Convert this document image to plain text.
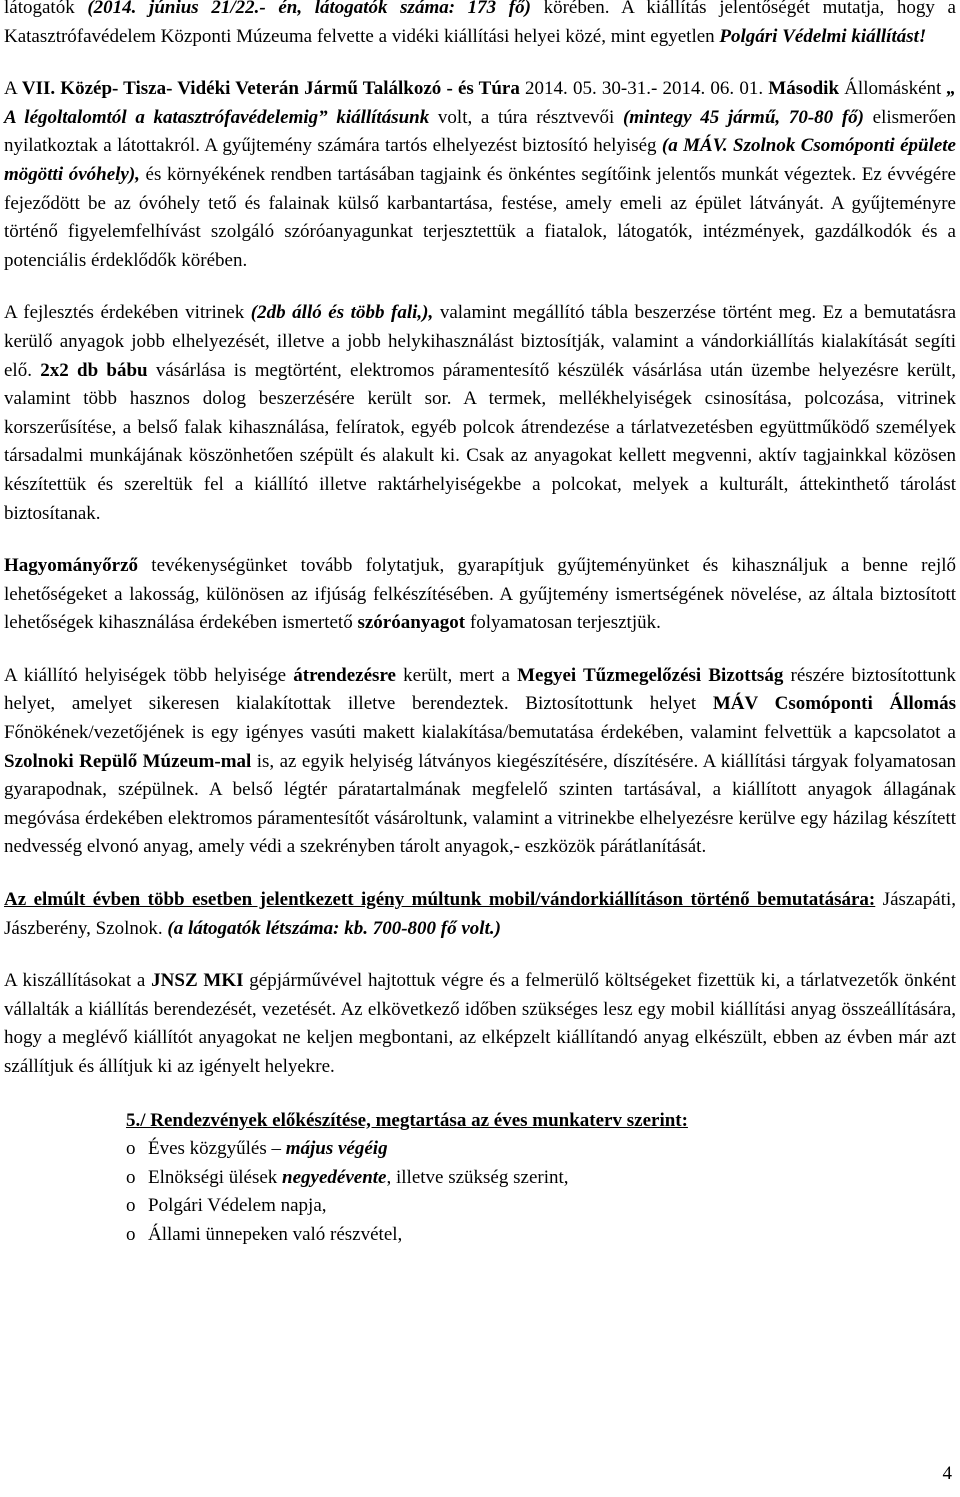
látogatók (2014. június 21/22.- én, látogatók száma: 173 fő) körében. A kiállítás jelentőségét mutatja, hogy a Katasztrófavédelem Központi Múzeuma felvette a vidéki kiállítási helyei közé, mint egyetlen Polgári Védelmi kiállítást!

A VII. Közép- Tisza- Vidéki Veterán Jármű Találkozó - és Túra 2014. 05. 30-31.- 2014. 06. 01. Második Állomásként „ A légoltalomtól a katasztrófavédelemig” kiállításunk volt, a túra résztvevői (mintegy 45 jármű, 70-80 fő) elismerően nyilatkoztak a látottakról. A gyűjtemény számára tartós elhelyezést biztosító helyiség (a MÁV. Szolnok Csomóponti épülete mögötti óvóhely), és környékének rendben tartásában tagjaink és önkéntes segítőink jelentős munkát végeztek. Ez évvégére fejeződött be az óvóhely tető és falainak külső karbantartása, festése, amely emeli az épület látványát. A gyűjteményre történő figyelemfelhívást szolgáló szóróanyagunkat terjesztettük a fiatalok, látogatók, intézmények, gazdálkodók és a potenciális érdeklődők körében.

A fejlesztés érdekében vitrinek (2db álló és több fali,), valamint megállító tábla beszerzése történt meg. Ez a bemutatásra kerülő anyagok jobb elhelyezését, illetve a jobb helykihasználást biztosítják, valamint a vándorkiállítás kialakítását segíti elő. 2x2 db bábu vásárlása is megtörtént, elektromos páramentesítő készülék vásárlása után üzembe helyezésre került, valamint több hasznos dolog beszerzésére került sor. A termek, mellékhelyiségek csinosítása, polcozása, vitrinek korszerűsítése, a belső falak kihasználása, felíratok, egyéb polcok átrendezése a tárlatvezetésben együttműködő személyek társadalmi munkájának köszönhetően szépült és alakult ki. Csak az anyagokat kellett megvenni, aktív tagjainkkal közösen készítettük és szereltük fel a kiállító illetve raktárhelyiségekbe a polcokat, melyek a kulturált, áttekinthető tárolást biztosítanak.

Hagyományőrző tevékenységünket tovább folytatjuk, gyarapítjuk gyűjteményünket és kihasználjuk a benne rejlő lehetőségeket a lakosság, különösen az ifjúság felkészítésében. A gyűjtemény ismertségének növelése, az általa biztosított lehetőségek kihasználása érdekében ismertető szóróanyagot folyamatosan terjesztjük.

A kiállító helyiségek több helyisége átrendezésre került, mert a Megyei Tűzmegelőzési Bizottság részére biztosítottunk helyet, amelyet sikeresen kialakítottak illetve berendeztek. Biztosítottunk helyet MÁV Csomóponti Állomás Főnökének/vezetőjének is egy igényes vasúti makett kialakítása/bemutatása érdekében, valamint felvettük a kapcsolatot a Szolnoki Repülő Múzeum-mal is, az egyik helyiség látványos kiegészítésére, díszítésére. A kiállítási tárgyak folyamatosan gyarapodnak, szépülnek. A belső légtér páratartalmának megfelelő szinten tartásával, a kiállított anyagok állagának megóvása érdekében elektromos páramentesítőt vásároltunk, valamint a vitrinekbe elhelyezésre kerülve egy házilag készített nedvesség elvonó anyag, amely védi a szekrényben tárolt anyagok,- eszközök párátlanítását.

Az elmúlt évben több esetben jelentkezett igény múltunk mobil/vándorkiállításon történő bemutatására: Jászapáti, Jászberény, Szolnok. (a látogatók létszáma: kb. 700-800 fő volt.)

A kiszállításokat a JNSZ MKI gépjárművével hajtottuk végre és a felmerülő költségeket fizettük ki, a tárlatvezetők önként vállalták a kiállítás berendezését, vezetését. Az elkövetkező időben szükséges lesz egy mobil kiállítási anyag összeállítására, hogy a meglévő kiállítót anyagokat ne keljen megbontani, az elképzelt kiállítandó anyag elkészült, ebben az évben már azt szállítjuk és állítjuk ki az igényelt helyekre.

5./ Rendezvények előkészítése, megtartása az éves munkaterv szerint:
o Éves közgyűlés – május végéig
o Elnökségi ülések negyedévente, illetve szükség szerint,
o Polgári Védelem napja,
o Állami ünnepeken való részvétel,
4
